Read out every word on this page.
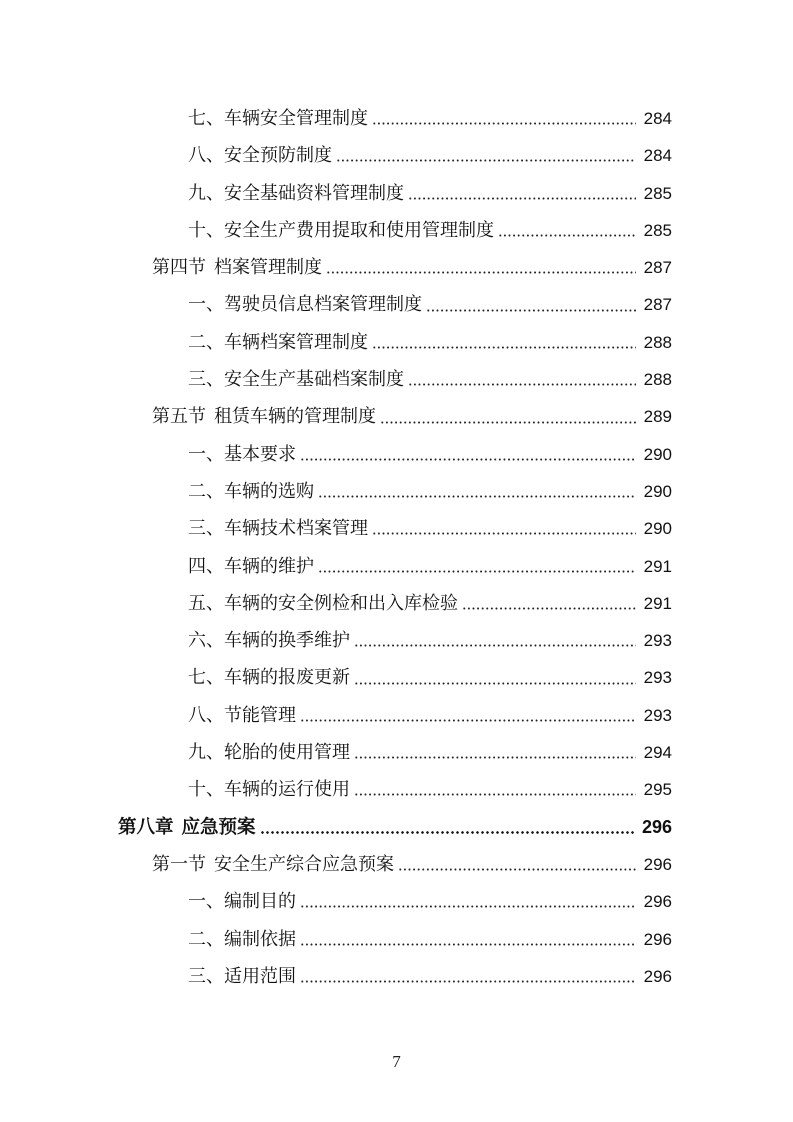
七、车辆安全管理制度	284
八、安全预防制度	284
九、安全基础资料管理制度	285
十、安全生产费用提取和使用管理制度	285
第四节 档案管理制度	287
一、驾驶员信息档案管理制度	287
二、车辆档案管理制度	288
三、安全生产基础档案制度	288
第五节 租赁车辆的管理制度	289
一、基本要求	290
二、车辆的选购	290
三、车辆技术档案管理	290
四、车辆的维护	291
五、车辆的安全例检和出入库检验	291
六、车辆的换季维护	293
七、车辆的报废更新	293
八、节能管理	293
九、轮胎的使用管理	294
十、车辆的运行使用	295
第八章 应急预案	296
第一节 安全生产综合应急预案	296
一、编制目的	296
二、编制依据	296
三、适用范围	296
7
